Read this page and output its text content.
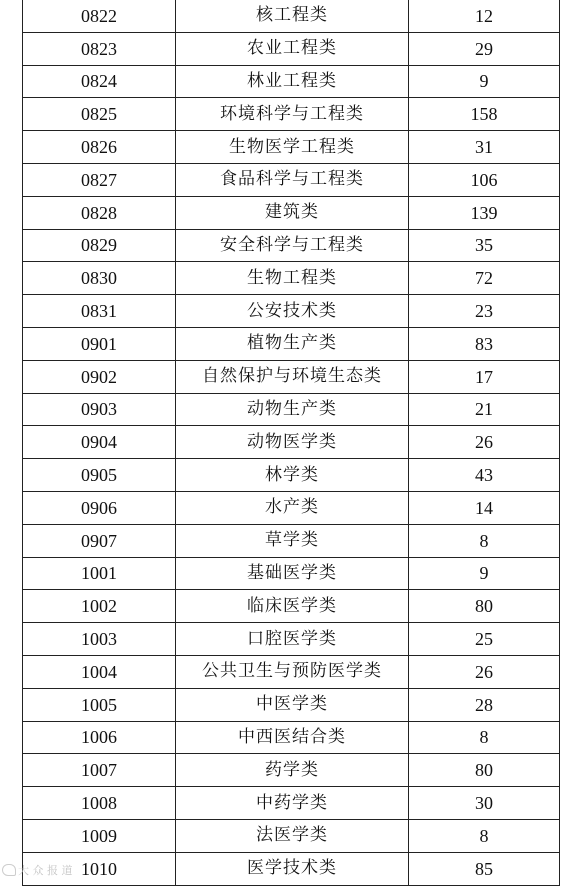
0822	核工程类	12
0823	农业工程类	29
0824	林业工程类	9
0825	环境科学与工程类	158
0826	生物医学工程类	31
0827	食品科学与工程类	106
0828	建筑类	139
0829	安全科学与工程类	35
0830	生物工程类	72
0831	公安技术类	23
0901	植物生产类	83
0902	自然保护与环境生态类	17
0903	动物生产类	21
0904	动物医学类	26
0905	林学类	43
0906	水产类	14
0907	草学类	8
1001	基础医学类	9
1002	临床医学类	80
1003	口腔医学类	25
1004	公共卫生与预防医学类	26
1005	中医学类	28
1006	中西医结合类	8
1007	药学类	80
1008	中药学类	30
1009	法医学类	8
1010	医学技术类	85
大 众 报 道
